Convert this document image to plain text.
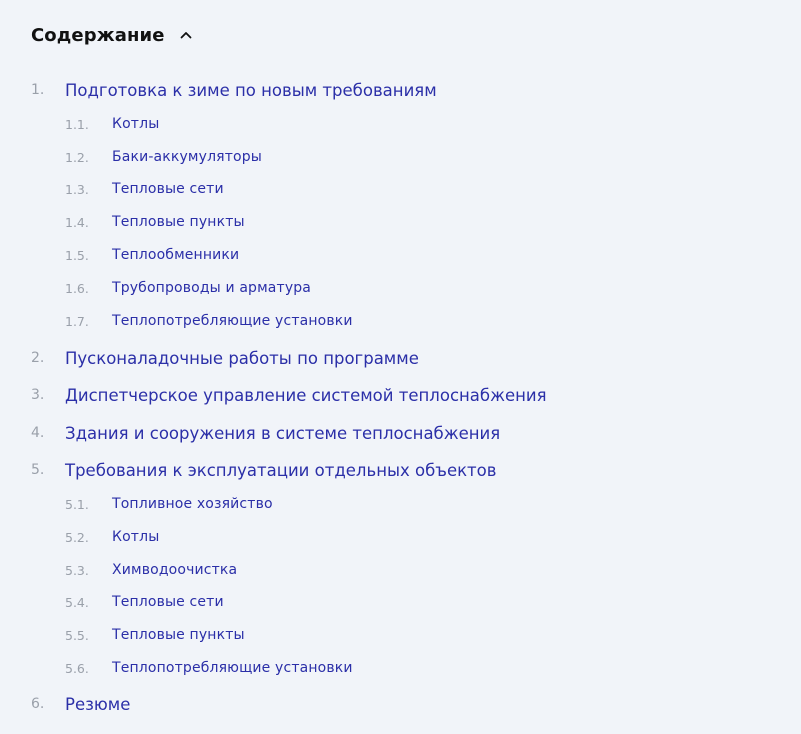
1.	Подготовка к зиме по новым требованиям
1.1.	Котлы
1.2.	Баки-аккумуляторы
1.3.	Тепловые сети
1.4.	Тепловые пункты
1.5.	Теплообменники
1.6.	Трубопроводы и арматура
1.7.	Теплопотребляющие установки
2.	Пусконаладочные работы по программе
3.	Диспетчерское управление системой теплоснабжения
4.	Здания и сооружения в системе теплоснабжения
5.	Требования к эксплуатации отдельных объектов
5.1.	Топливное хозяйство
5.2.	Котлы
5.3.	Химводоочистка
5.4.	Тепловые сети
5.5.	Тепловые пункты
5.6.	Теплопотребляющие установки
6.	Резюме
Содержание
